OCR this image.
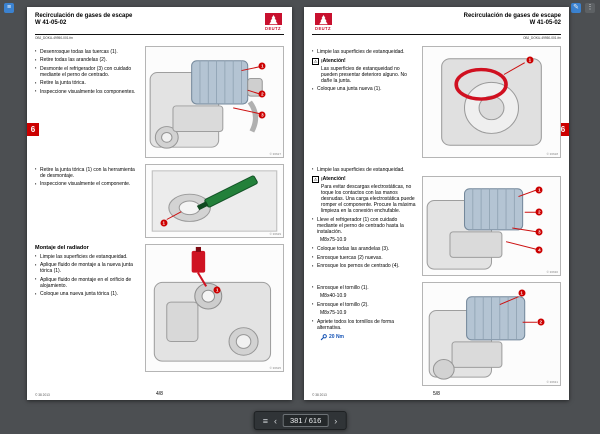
≡	✎ ⋮
6
Recirculación de gases de escape
W 41-05-02
DEUTZ
OBJ_DOKU-49950-001.fm
▪ Desenrosque todas las tuercas (1).
▪ Retire todas las arandelas (2).
▪ Desmonte el refrigerador (3) con cuidado mediante el perno de centrado.
▪ Retire la junta tórica.
▪ Inspeccione visualmente los componentes.
1
2
3
© 36627
▪ Retire la junta tórica (1) con la herramienta de desmontaje.
▪ Inspeccione visualmente el componente.
1
© 36629
Montaje del radiador
▪ Limpie las superficies de estanqueidad.
▪ Aplique fluido de montaje a la nueva junta tórica (1).
▪ Aplique fluido de montaje en el orificio de alojamiento.
▪ Coloque una nueva junta tórica (1).
1
© 36625
© 38 2013	4/8
6
DEUTZ
Recirculación de gases de escape
W 41-05-02
OBJ_DOKU-49950-001.fm
▪ Limpie las superficies de estanqueidad.
⚠ ¡Atención!
Las superficies de estanqueidad no pueden presentar deterioro alguno. No dañe la junta.
▪ Coloque una junta nueva (1).
1
© 36628
▪ Limpie las superficies de estanqueidad.
⚠ ¡Atención!
Para evitar descargas electrostáticas, no toque los contactos con las manos desnudas. Una carga electrostática puede romper el componente. Procure la máxima limpieza en la conexión enchufable.
▪ Lleve el refrigerador (1) con cuidado mediante el perno de centrado hasta la instalación.
M8x75-10.9
▪ Coloque todas las arandelas (3).
▪ Enrosque tuercas (2) nuevas.
▪ Enrosque los pernos de centrado (4).
1
2
3
4
© 36630
▪ Enrosque el tornillo (1).
M8x40-10.9
▪ Enrosque el tornillo (2).
M8x75-10.9
▪ Apriete todos los tornillos de forma alternativa.
20 Nm
1
2
© 36631
© 38 2013	5/8
≡ ‹	381 / 616	›
